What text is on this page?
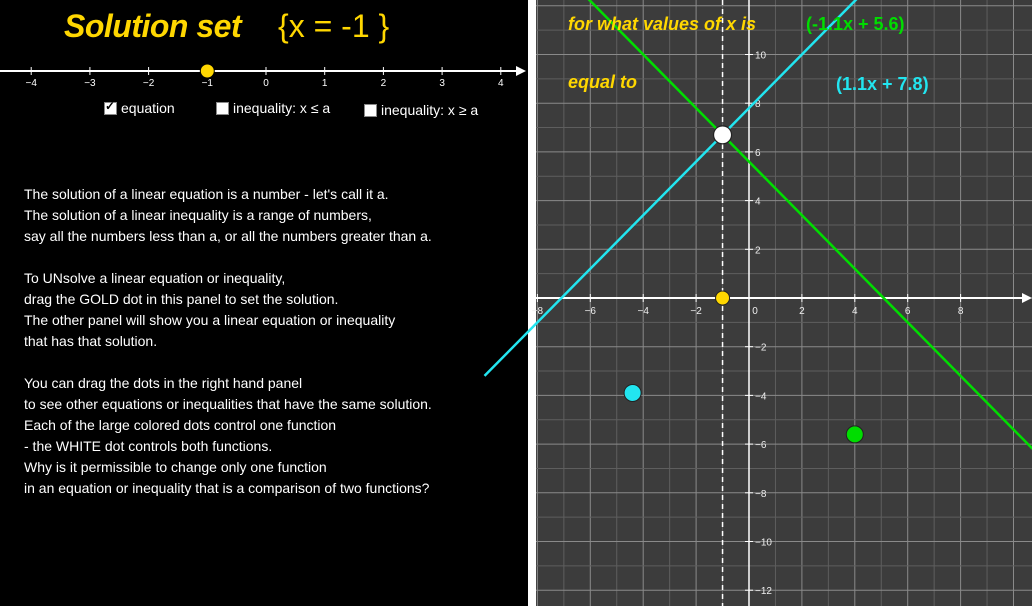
Solution set {x = -1 }
−4	−3	−2	−1	0	1	2	3	4
✓
equation	inequality: x ≤ a	inequality: x ≥ a
The solution of a linear equation is a number - let's call it a.
The solution of a linear inequality is a range of numbers,
say all the numbers less than a, or all the numbers greater than a.
To UNsolve a linear equation or inequality,
drag the GOLD dot in this panel to set the solution.
The other panel will show you a linear equation or inequality
that has that solution.
You can drag the dots in the right hand panel
to see other equations or inequalities that have the same solution.
Each of the large colored dots control one function
- the WHITE dot controls both functions.
Why is it permissible to change only one function
in an equation or inequality that is a comparison of two functions?
−8	−6	−4	−2	0	2	4	6	8
10
8
6
4
2
−2
−4
−6
−8
−10
−12
for what values of x is
equal to
(-1.1x + 5.6)
(1.1x + 7.8)
